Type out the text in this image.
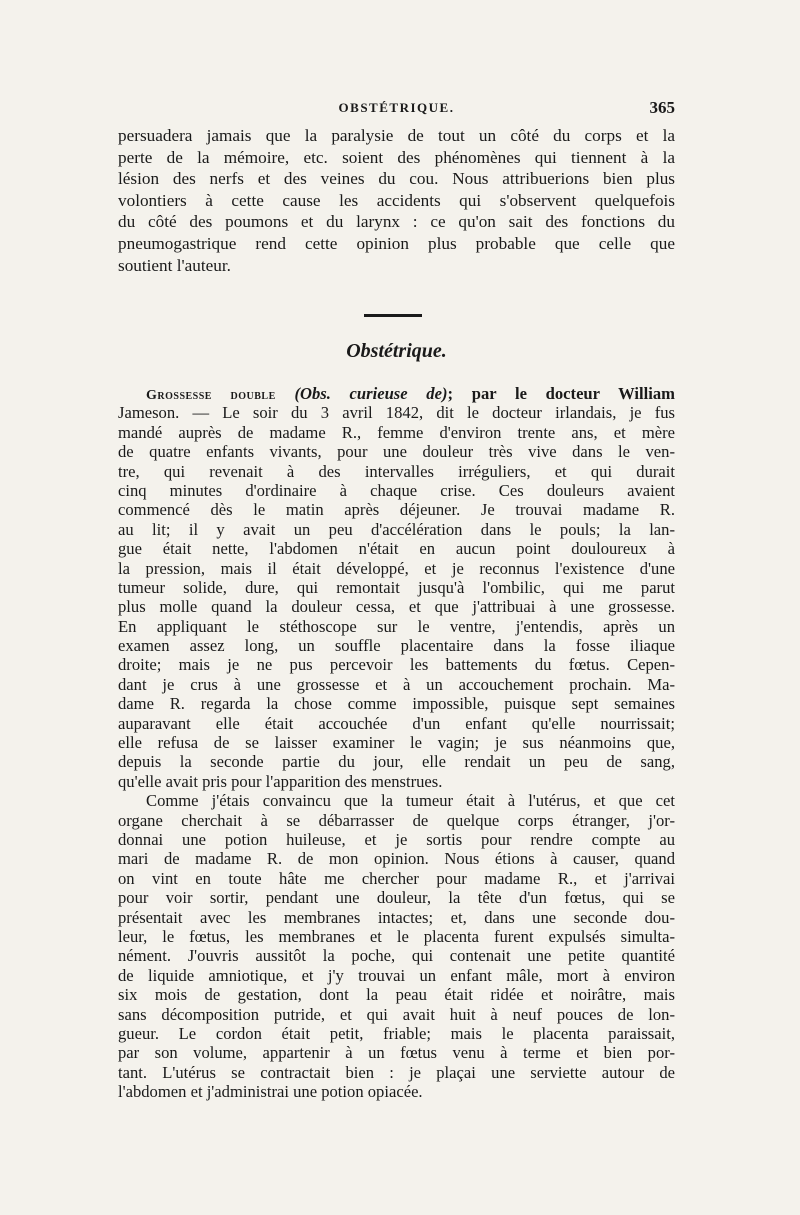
OBSTÉTRIQUE.	365
persuadera jamais que la paralysie de tout un côté du corps et la
perte de la mémoire, etc. soient des phénomènes qui tiennent à la
lésion des nerfs et des veines du cou. Nous attribuerions bien plus
volontiers à cette cause les accidents qui s'observent quelquefois
du côté des poumons et du larynx : ce qu'on sait des fonctions du
pneumogastrique rend cette opinion plus probable que celle que
soutient l'auteur.
Obstétrique.
Grossesse double (Obs. curieuse de); par le docteur William
Jameson. — Le soir du 3 avril 1842, dit le docteur irlandais, je fus
mandé auprès de madame R., femme d'environ trente ans, et mère
de quatre enfants vivants, pour une douleur très vive dans le ven-
tre, qui revenait à des intervalles irréguliers, et qui durait
cinq minutes d'ordinaire à chaque crise. Ces douleurs avaient
commencé dès le matin après déjeuner. Je trouvai madame R.
au lit; il y avait un peu d'accélération dans le pouls; la lan-
gue était nette, l'abdomen n'était en aucun point douloureux à
la pression, mais il était développé, et je reconnus l'existence d'une
tumeur solide, dure, qui remontait jusqu'à l'ombilic, qui me parut
plus molle quand la douleur cessa, et que j'attribuai à une grossesse.
En appliquant le stéthoscope sur le ventre, j'entendis, après un
examen assez long, un souffle placentaire dans la fosse iliaque
droite; mais je ne pus percevoir les battements du fœtus. Cepen-
dant je crus à une grossesse et à un accouchement prochain. Ma-
dame R. regarda la chose comme impossible, puisque sept semaines
auparavant elle était accouchée d'un enfant qu'elle nourrissait;
elle refusa de se laisser examiner le vagin; je sus néanmoins que,
depuis la seconde partie du jour, elle rendait un peu de sang,
qu'elle avait pris pour l'apparition des menstrues.
Comme j'étais convaincu que la tumeur était à l'utérus, et que cet
organe cherchait à se débarrasser de quelque corps étranger, j'or-
donnai une potion huileuse, et je sortis pour rendre compte au
mari de madame R. de mon opinion. Nous étions à causer, quand
on vint en toute hâte me chercher pour madame R., et j'arrivai
pour voir sortir, pendant une douleur, la tête d'un fœtus, qui se
présentait avec les membranes intactes; et, dans une seconde dou-
leur, le fœtus, les membranes et le placenta furent expulsés simulta-
nément. J'ouvris aussitôt la poche, qui contenait une petite quantité
de liquide amniotique, et j'y trouvai un enfant mâle, mort à environ
six mois de gestation, dont la peau était ridée et noirâtre, mais
sans décomposition putride, et qui avait huit à neuf pouces de lon-
gueur. Le cordon était petit, friable; mais le placenta paraissait,
par son volume, appartenir à un fœtus venu à terme et bien por-
tant. L'utérus se contractait bien : je plaçai une serviette autour de
l'abdomen et j'administrai une potion opiacée.
